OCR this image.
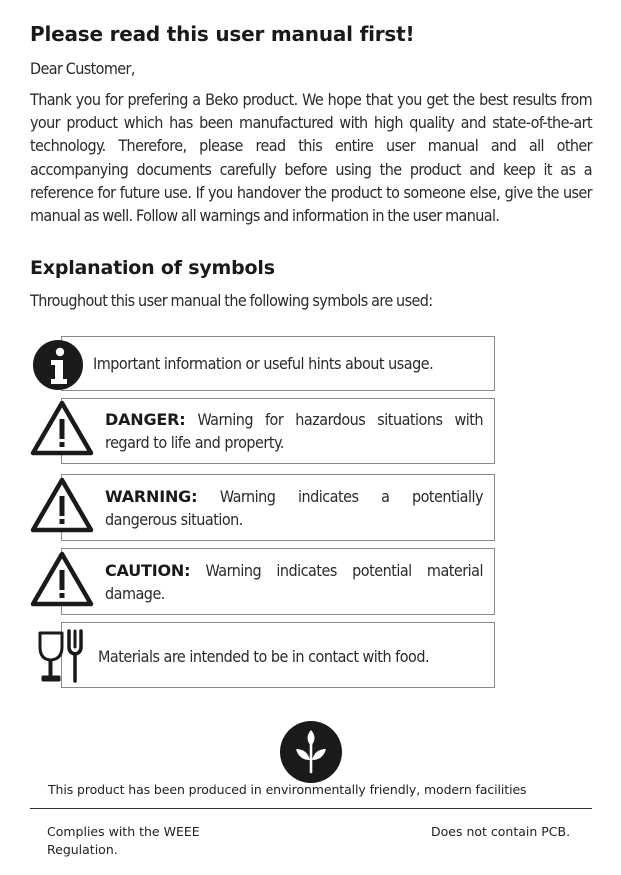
Please read this user manual first!
Dear Customer,
Thank you for prefering a Beko product. We hope that you get the best results from your product which has been manufactured with high quality and state-of-the-art technology. Therefore, please read this entire user manual and all other accompanying documents carefully before using the product and keep it as a reference for future use. If you handover the product to someone else, give the user manual as well. Follow all warnings and information in the user manual.
Explanation of symbols
Throughout this user manual the following symbols are used:
Important information or useful hints about usage.
DANGER: Warning for hazardous situations with regard to life and property.
WARNING: Warning indicates a potentially dangerous situation.
CAUTION: Warning indicates potential material damage.
Materials are intended to be in contact with food.
This product has been produced in environmentally friendly, modern facilities
Complies with the WEEE Regulation.
Does not contain PCB.
